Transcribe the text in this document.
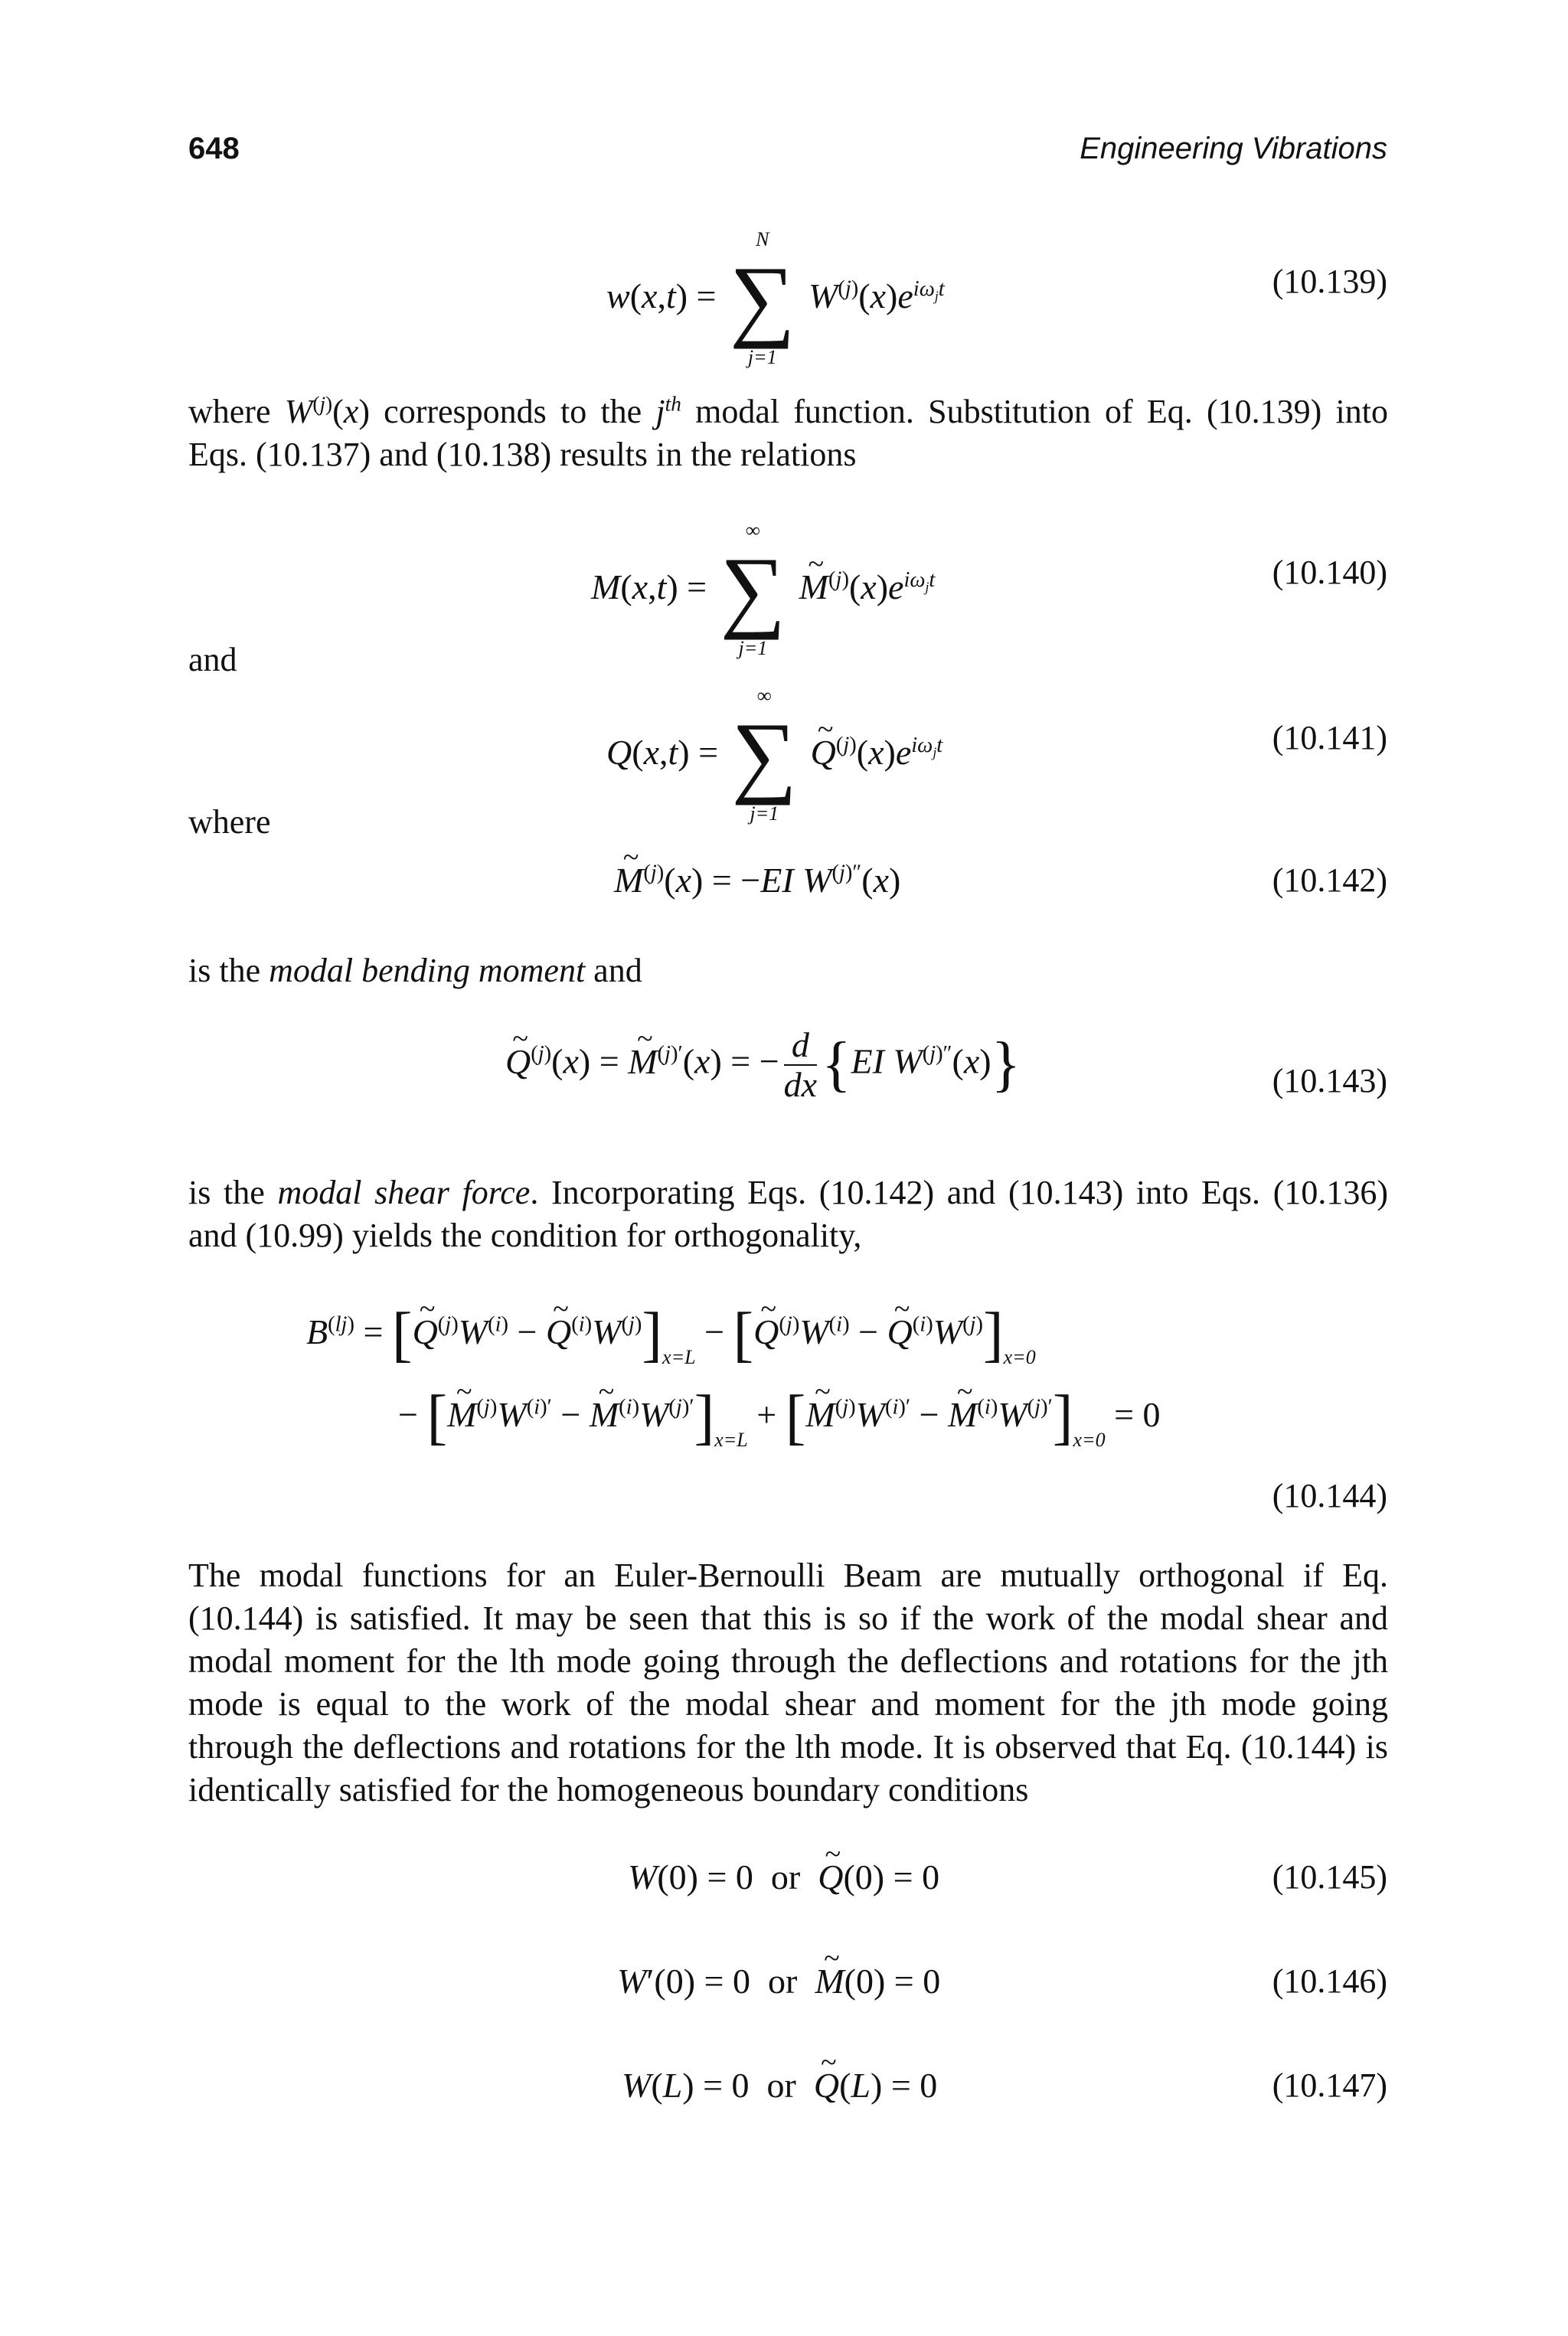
648	Engineering Vibrations
w(x,t) = ∑
N
j=1
$W^{(j)}(x)e^{i\omega_jt}$	(10.139)

where $W^{(j)}(x)$ corresponds to the $j^{th}$ modal function. Substitution of Eq. (10.139) into Eqs. (10.137) and (10.138) results in the relations

M(x,t) = ∑
∞
j=1
~ $M^{(j)}(x)e^{i\omega_jt}$	(10.140)
and
Q(x,t) = ∑
∞
j=1
~ $Q^{(j)}(x)e^{i\omega_jt}$	(10.141)
where
~ $M^{(j)}(x) = -EI$ $W^{(j)''}(x)$	(10.142)
is the modal bending moment and
~ $Q^{(j)}(x)$ = ~ $M^{(j)'}(x)$ = − $\frac{d}{dx} \{EI$ $W^{(j)''}(x)$}	(10.143)

is the modal shear force. Incorporating Eqs. (10.142) and (10.143) into Eqs. (10.136) and (10.99) yields the condition for orthogonality,

$B^{(lj)}$ = [~ $Q^{(j)}W^{(i)}$ − ~ $Q^{(i)}W^{(j)}]_{x=L}$ − [~ $Q^{(j)}W^{(i)}$ − ~ $Q^{(i)}W^{(j)}]_{x=0}$
− [~ $M^{(j)}W^{(i)'}$ − ~ $M^{(i)}W^{(j)'}]_{x=L}$ + [~ $M^{(j)}W^{(i)'}$ − ~ $M^{(i)}W^{(j)'}]_{x=0} = 0$
(10.144)

The modal functions for an Euler-Bernoulli Beam are mutually orthogonal if Eq. (10.144) is satisfied. It may be seen that this is so if the work of the modal shear and modal moment for the lth mode going through the deflections and rotations for the jth mode is equal to the work of the modal shear and moment for the jth mode going through the deflections and rotations for the lth mode. It is observed that Eq. (10.144) is identically satisfied for the homogeneous boundary conditions

W(0) = 0  or ~ Q(0) = 0	(10.145)
W′(0) = 0  or ~ M(0) = 0	(10.146)
W(L) = 0  or ~ Q(L) = 0	(10.147)
